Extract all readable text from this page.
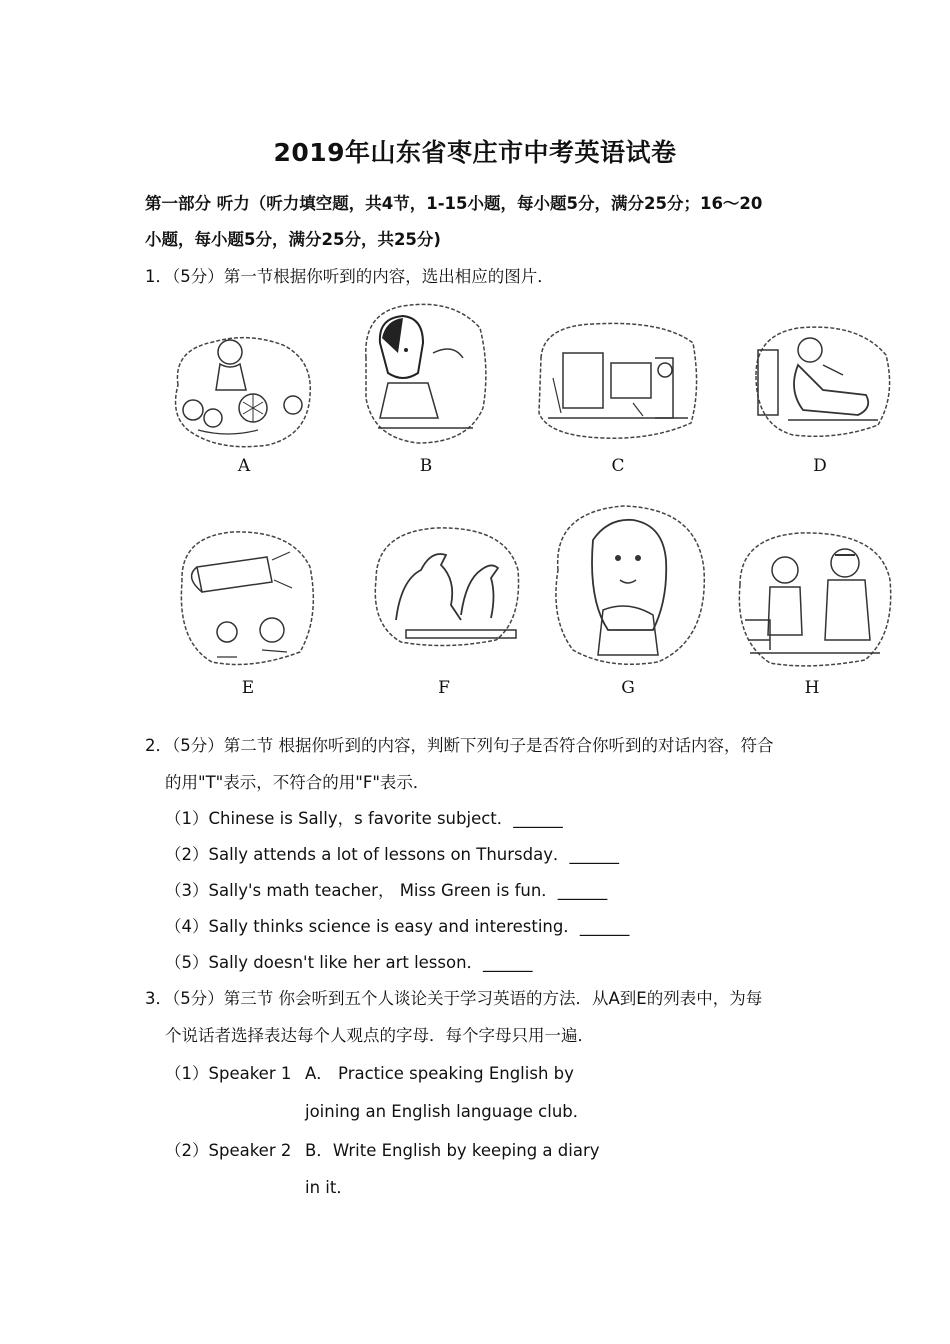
2019年山东省枣庄市中考英语试卷
第一部分 听力（听力填空题，共4节，1-15小题，每小题5分，满分25分；16～20
小题，每小题5分，满分25分，共25分)
1．（5分）第一节根据你听到的内容，选出相应的图片．
A	B	C	D
E	F	G	H
2．（5分）第二节 根据你听到的内容，判断下列句子是否符合你听到的对话内容，符合
的用"T"表示，不符合的用"F"表示．
（1）Chinese is Sally，s favorite subject．______
（2）Sally attends a lot of lessons on Thursday．______
（3）Sally's math teacher， Miss Green is fun．______
（4）Sally thinks science is easy and interesting．______
（5）Sally doesn't like her art lesson．______
3．（5分）第三节 你会听到五个人谈论关于学习英语的方法．从A到E的列表中，为每
个说话者选择表达每个人观点的字母．每个字母只用一遍．
（1）Speaker 1 A． Practice speaking English by
joining an English language club．
（2）Speaker 2 B．Write English by keeping a diary
in it．
